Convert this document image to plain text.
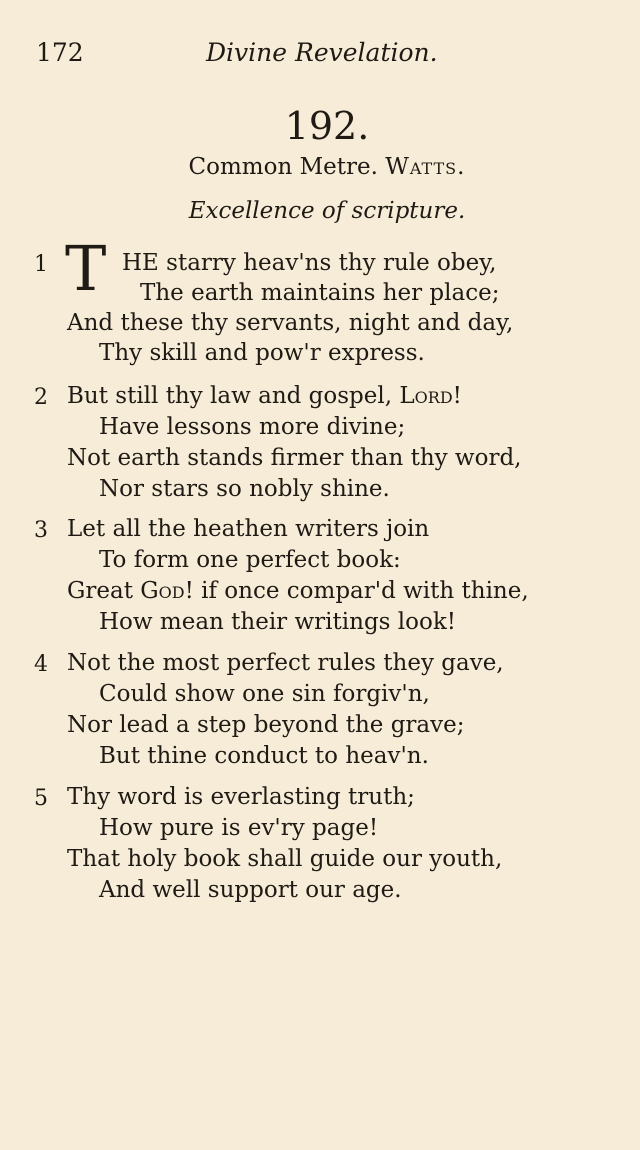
172	Divine Revelation.
192.
Common Metre. Watts.
Excellence of scripture.
1 T HE starry heav'ns thy rule obey,
The earth maintains her place;
And these thy servants, night and day,
Thy skill and pow'r express.
2 But still thy law and gospel, Lord!
Have lessons more divine;
Not earth stands firmer than thy word,
Nor stars so nobly shine.
3 Let all the heathen writers join
To form one perfect book:
Great God! if once compar'd with thine,
How mean their writings look!
4 Not the most perfect rules they gave,
Could show one sin forgiv'n,
Nor lead a step beyond the grave;
But thine conduct to heav'n.
5 Thy word is everlasting truth;
How pure is ev'ry page!
That holy book shall guide our youth,
And well support our age.
